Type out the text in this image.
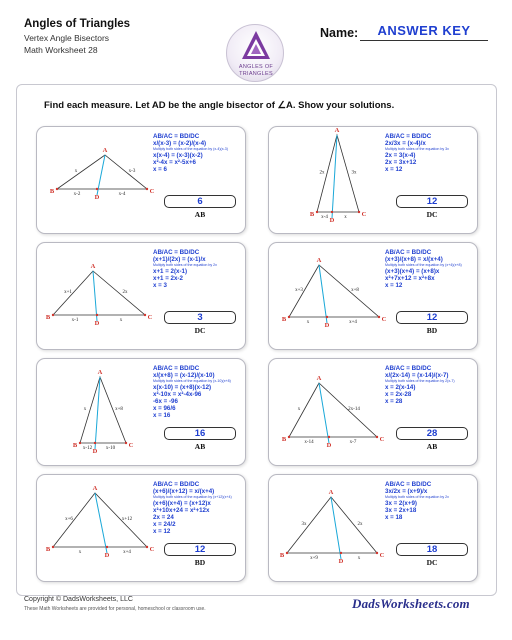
Angles of Triangles
Vertex Angle Bisectors
Math Worksheet 28
ANGLES OF
TRIANGLES
Name:	ANSWER KEY
Find each measure. Let AD be the angle bisector of ∠A. Show your solutions.
A
B	C
D
x	x-3
x-2	x-4
AB/AC = BD/DC
x/(x-3) = (x-2)/(x-4)
Multiply both sides of the equation by (x-4)(x-3)
x(x-4) = (x-3)(x-2)
x²-4x = x²-5x+6
x = 6
6
AB
A
B	C
D
2x	3x
x-4	x
AB/AC = BD/DC
2x/3x = (x-4)/x
Multiply both sides of the equation by 3x
2x = 3(x-4)
2x = 3x+12
x = 12
12
DC
A
B	C
D
x+1	2x
x-1	x
AB/AC = BD/DC
(x+1)/(2x) = (x-1)/x
Multiply both sides of the equation by 2x
x+1 = 2(x-1)
x+1 = 2x-2
x = 3
3
DC
A
B	C
D
x+3	x+8
x	x+4
AB/AC = BD/DC
(x+3)/(x+8) = x/(x+4)
Multiply both sides of the equation by (x+4)(x+8)
(x+3)(x+4) = (x+8)x
x²+7x+12 = x²+8x
x = 12
12
BD
A
B	C
D
x	x+8
x-12	x-10
AB/AC = BD/DC
x/(x+8) = (x-12)/(x-10)
Multiply both sides of the equation by (x-10)(x+8)
x(x-10) = (x+8)(x-12)
x²-10x = x²-4x-96
-6x = -96
x = 96/6
x = 16
16
AB
A
B	C
D
x	2x-14
x-14	x-7
AB/AC = BD/DC
x/(2x-14) = (x-14)/(x-7)
Multiply both sides of the equation by 2(x-7)
x = 2(x-14)
x = 2x-28
x = 28
28
AB
A
B	C
D
x+6	x+12
x	x+4
AB/AC = BD/DC
(x+6)/(x+12) = x/(x+4)
Multiply both sides of the equation by (x+12)(x+4)
(x+6)(x+4) = (x+12)x
x²+10x+24 = x²+12x
2x = 24
x = 24/2
x = 12
12
BD
A
B	C
D
3x	2x
x+9	x
AB/AC = BD/DC
3x/2x = (x+9)/x
Multiply both sides of the equation by 2x
3x = 2(x+9)
3x = 2x+18
x = 18
18
DC
Copyright © DadsWorksheets, LLC
These Math Worksheets are provided for personal, homeschool or classroom use.	DadsWorksheets.com
